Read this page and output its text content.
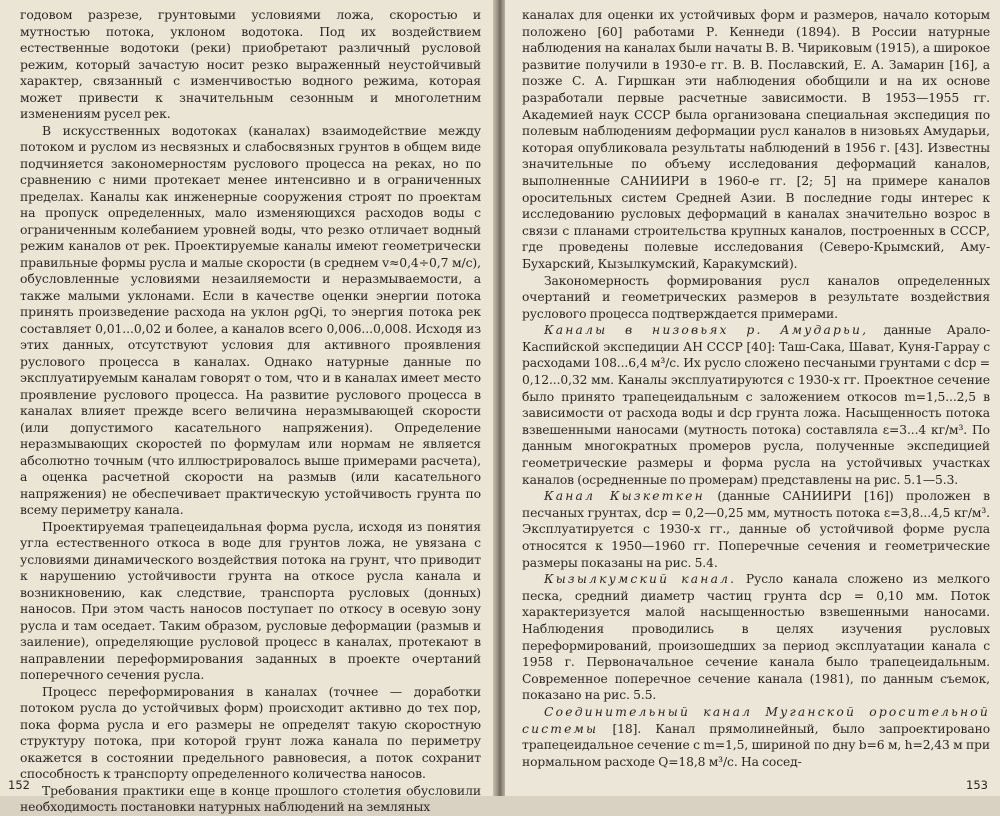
годовом разрезе, грунтовыми условиями ложа, скоростью и мутностью потока, уклоном водотока. Под их воздействием естественные водотоки (реки) приобретают различный русловой режим, который зачастую носит резко выраженный неустойчивый характер, связанный с изменчивостью водного режима, которая может привести к значительным сезонным и многолетним изменениям русел рек.

В искусственных водотоках (каналах) взаимодействие между потоком и руслом из несвязных и слабосвязных грунтов в общем виде подчиняется закономерностям руслового процесса на реках, но по сравнению с ними протекает менее интенсивно и в ограниченных пределах. Каналы как инженерные сооружения строят по проектам на пропуск определенных, мало изменяющихся расходов воды с ограниченным колебанием уровней воды, что резко отличает водный режим каналов от рек. Проектируемые каналы имеют геометрически правильные формы русла и малые скорости (в среднем v≈0,4÷0,7 м/с), обусловленные условиями незаиляемости и неразмываемости, а также малыми уклонами. Если в качестве оценки энергии потока принять произведение расхода на уклон ρgQi, то энергия потока рек составляет 0,01...0,02 и более, а каналов всего 0,006...0,008. Исходя из этих данных, отсутствуют условия для активного проявления руслового процесса в каналах. Однако натурные данные по эксплуатируемым каналам говорят о том, что и в каналах имеет место проявление руслового процесса. На развитие руслового процесса в каналах влияет прежде всего величина неразмывающей скорости (или допустимого касательного напряжения). Определение неразмывающих скоростей по формулам или нормам не является абсолютно точным (что иллюстрировалось выше примерами расчета), а оценка расчетной скорости на размыв (или касательного напряжения) не обеспечивает практическую устойчивость грунта по всему периметру канала.

Проектируемая трапецеидальная форма русла, исходя из понятия угла естественного откоса в воде для грунтов ложа, не увязана с условиями динамического воздействия потока на грунт, что приводит к нарушению устойчивости грунта на откосе русла канала и возникновению, как следствие, транспорта русловых (донных) наносов. При этом часть наносов поступает по откосу в осевую зону русла и там оседает. Таким образом, русловые деформации (размыв и заиление), определяющие русловой процесс в каналах, протекают в направлении переформирования заданных в проекте очертаний поперечного сечения русла.

Процесс переформирования в каналах (точнее — доработки потоком русла до устойчивых форм) происходит активно до тех пор, пока форма русла и его размеры не определят такую скоростную структуру потока, при которой грунт ложа канала по периметру окажется в состоянии предельного равновесия, а поток сохранит способность к транспорту определенного количества наносов.

Требования практики еще в конце прошлого столетия обусловили необходимость постановки натурных наблюдений на земляных

152

каналах для оценки их устойчивых форм и размеров, начало которым положено [60] работами Р. Кеннеди (1894). В России натурные наблюдения на каналах были начаты В. В. Чириковым (1915), а широкое развитие получили в 1930-е гг. В. В. Пославский, Е. А. Замарин [16], а позже С. А. Гиршкан эти наблюдения обобщили и на их основе разработали первые расчетные зависимости. В 1953—1955 гг. Академией наук СССР была организована специальная экспедиция по полевым наблюдениям деформации русл каналов в низовьях Амударьи, которая опубликовала результаты наблюдений в 1956 г. [43]. Известны значительные по объему исследования деформаций каналов, выполненные САНИИРИ в 1960-е гг. [2; 5] на примере каналов оросительных систем Средней Азии. В последние годы интерес к исследованию русловых деформаций в каналах значительно возрос в связи с планами строительства крупных каналов, построенных в СССР, где проведены полевые исследования (Северо-Крымский, Аму-Бухарский, Кызылкумский, Каракумский).

Закономерность формирования русл каналов определенных очертаний и геометрических размеров в результате воздействия руслового процесса подтверждается примерами.

Каналы в низовьях р. Амударьи, данные Арало-Каспийской экспедиции АН СССР [40]: Таш-Сака, Шават, Куня-Гарраy с расходами 108...6,4 м³/с. Их русло сложено песчаными грунтами с dср = 0,12...0,32 мм. Каналы эксплуатируются с 1930-х гг. Проектное сечение было принято трапецеидальным с заложением откосов m=1,5...2,5 в зависимости от расхода воды и dср грунта ложа. Насыщенность потока взвешенными наносами (мутность потока) составляла ε=3...4 кг/м³. По данным многократных промеров русла, полученные экспедицией геометрические размеры и форма русла на устойчивых участках каналов (осредненные по промерам) представлены на рис. 5.1—5.3.

Канал Кызкеткен (данные САНИИРИ [16]) проложен в песчаных грунтах, dср = 0,2—0,25 мм, мутность потока ε=3,8...4,5 кг/м³. Эксплуатируется с 1930-х гг., данные об устойчивой форме русла относятся к 1950—1960 гг. Поперечные сечения и геометрические размеры показаны на рис. 5.4.

Кызылкумский канал. Русло канала сложено из мелкого песка, средний диаметр частиц грунта dср = 0,10 мм. Поток характеризуется малой насыщенностью взвешенными наносами. Наблюдения проводились в целях изучения русловых переформирований, произошедших за период эксплуатации канала с 1958 г. Первоначальное сечение канала было трапецеидальным. Современное поперечное сечение канала (1981), по данным съемок, показано на рис. 5.5.

Соединительный канал Муганской оросительной системы [18]. Канал прямолинейный, было запроектировано трапецеидальное сечение с m=1,5, шириной по дну b=6 м, h=2,43 м при нормальном расходе Q=18,8 м³/с. На сосед-

153
